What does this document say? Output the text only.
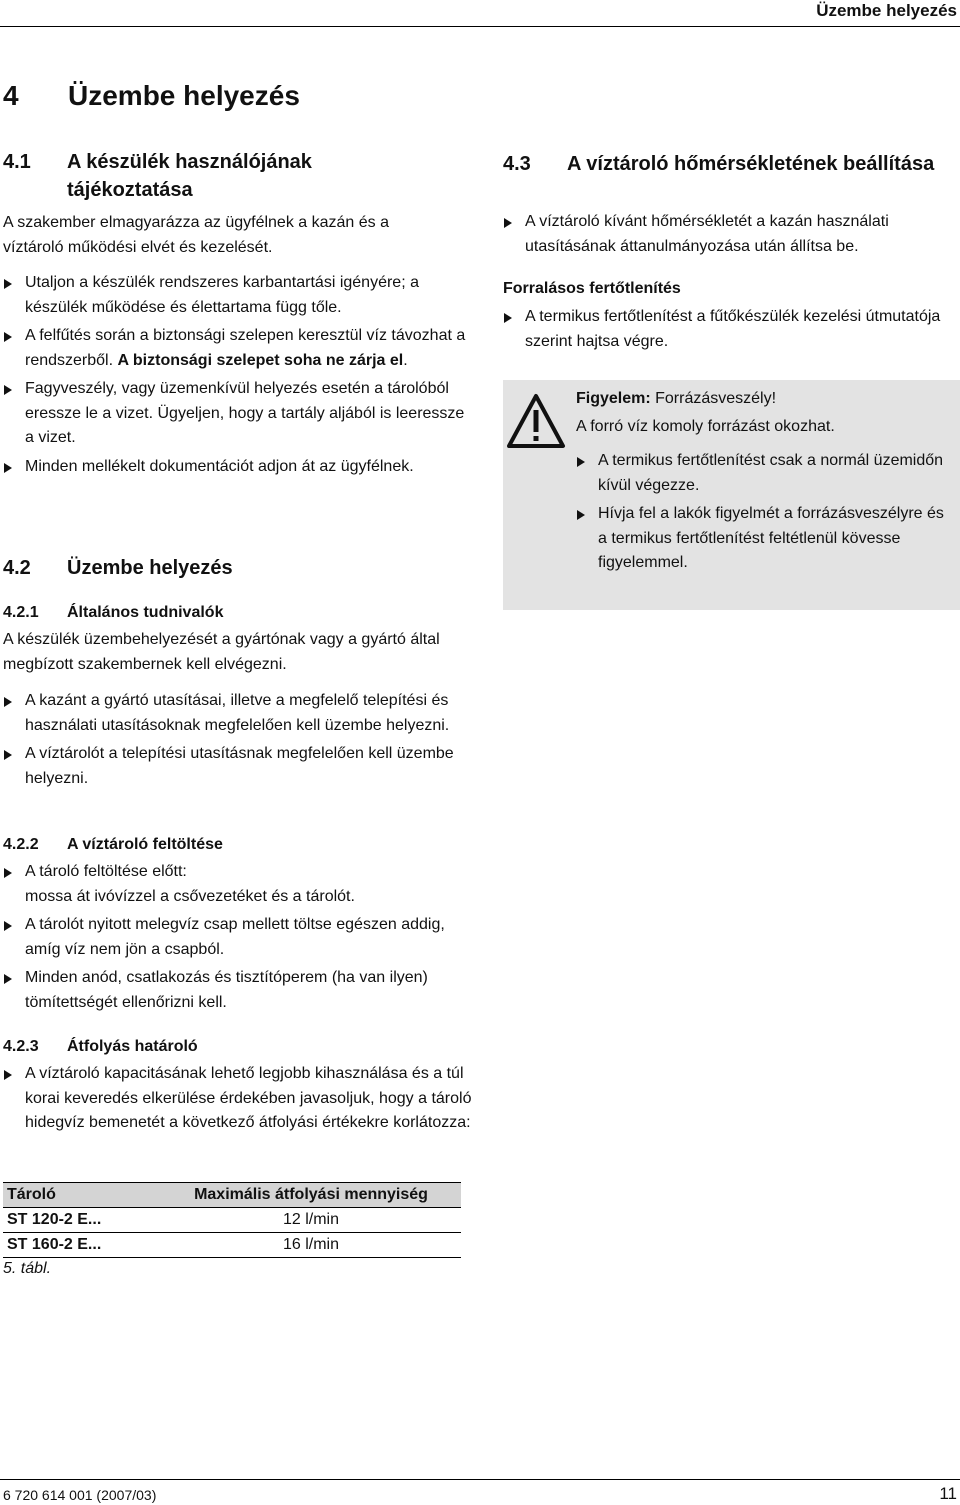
Üzembe helyezés
4 Üzembe helyezés
4.1 A készülék használójának tájékoztatása

A szakember elmagyarázza az ügyfélnek a kazán és a víztároló működési elvét és kezelését.

Utaljon a készülék rendszeres karbantartási igényére; a készülék működése és élettartama függ tőle.
A felfűtés során a biztonsági szelepen keresztül víz távozhat a rendszerből. A biztonsági szelepet soha ne zárja el.
Fagyveszély, vagy üzemenkívül helyezés esetén a tárolóból eressze le a vizet. Ügyeljen, hogy a tartály aljából is leeressze a vizet.
Minden mellékelt dokumentációt adjon át az ügyfélnek.
4.2 Üzembe helyezés
4.2.1 Általános tudnivalók

A készülék üzembehelyezését a gyártónak vagy a gyártó által megbízott szakembernek kell elvégezni.

A kazánt a gyártó utasításai, illetve a megfelelő telepítési és használati utasításoknak megfelelően kell üzembe helyezni.
A víztárolót a telepítési utasításnak megfelelően kell üzembe helyezni.
4.2.2 A víztároló feltöltése
A tároló feltöltése előtt:
mossa át ivóvízzel a csővezetéket és a tárolót.
A tárolót nyitott melegvíz csap mellett töltse egészen addig, amíg víz nem jön a csapból.
Minden anód, csatlakozás és tisztítóperem (ha van ilyen) tömítettségét ellenőrizni kell.
4.2.3 Átfolyás határoló
A víztároló kapacitásának lehető legjobb kihasználása és a túl korai keveredés elkerülése érdekében javasoljuk, hogy a tároló hidegvíz bemenetét a következő átfolyási értékekre korlátozza:
Tároló	Maximális átfolyási mennyiség
ST 120-2 E...	12 l/min
ST 160-2 E...	16 l/min
5. tábl.
4.3 A víztároló hőmérsékletének beállítása
A víztároló kívánt hőmérsékletét a kazán használati utasításának áttanulmányozása után állítsa be.
Forralásos fertőtlenítés
A termikus fertőtlenítést a fűtőkészülék kezelési útmutatója szerint hajtsa végre.
Figyelem: Forrázásveszély!
A forró víz komoly forrázást okozhat.
A termikus fertőtlenítést csak a normál üzemidőn kívül végezze.
Hívja fel a lakók figyelmét a forrázásveszélyre és a termikus fertőtlenítést feltétlenül kövesse figyelemmel.
6 720 614 001 (2007/03)	11
